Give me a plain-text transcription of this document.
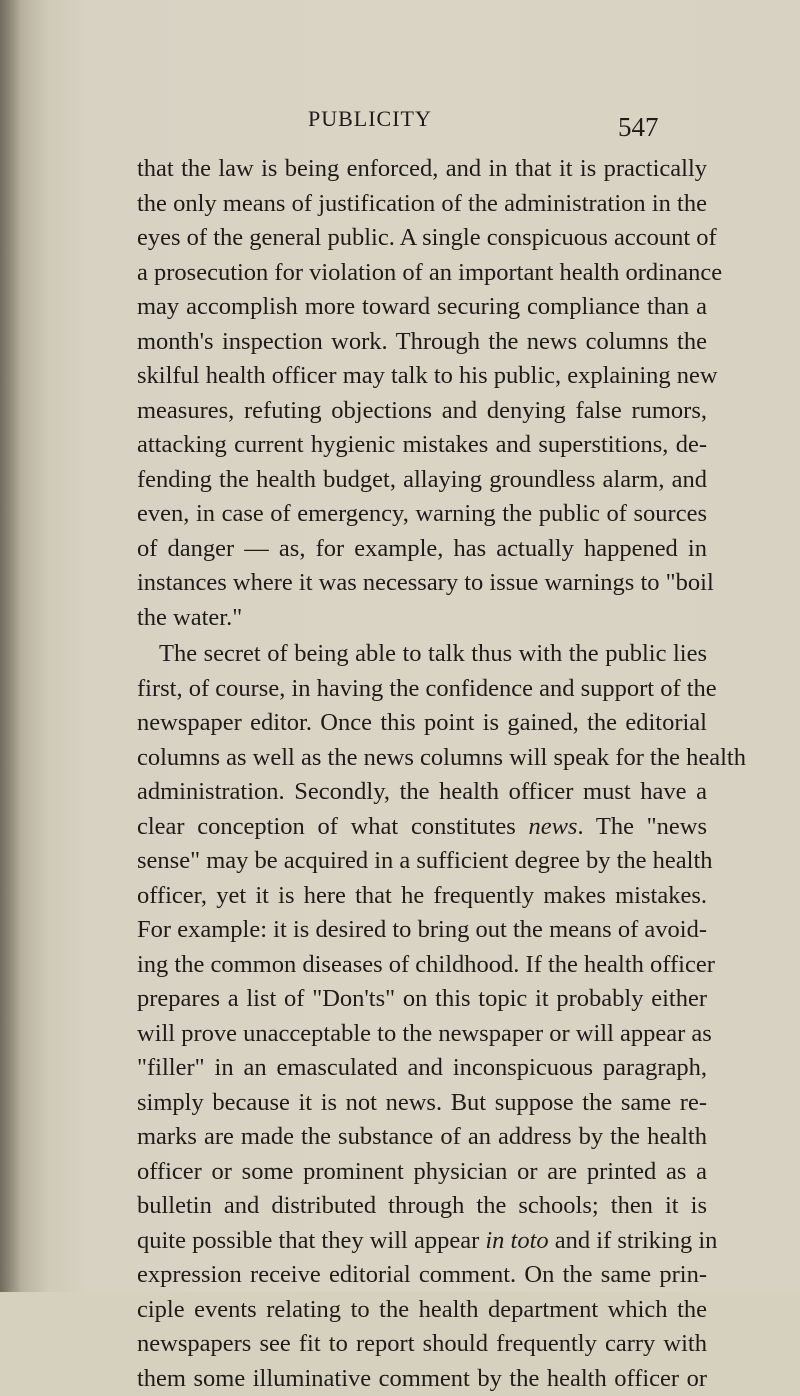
PUBLICITY	547
that the law is being enforced, and in that it is practically
the only means of justification of the administration in the
eyes of the general public. A single conspicuous account of
a prosecution for violation of an important health ordinance
may accomplish more toward securing compliance than a
month's inspection work. Through the news columns the
skilful health officer may talk to his public, explaining new
measures, refuting objections and denying false rumors,
attacking current hygienic mistakes and superstitions, de-
fending the health budget, allaying groundless alarm, and
even, in case of emergency, warning the public of sources
of danger — as, for example, has actually happened in
instances where it was necessary to issue warnings to "boil
the water."
The secret of being able to talk thus with the public lies
first, of course, in having the confidence and support of the
newspaper editor. Once this point is gained, the editorial
columns as well as the news columns will speak for the health
administration. Secondly, the health officer must have a
clear conception of what constitutes news. The "news
sense" may be acquired in a sufficient degree by the health
officer, yet it is here that he frequently makes mistakes.
For example: it is desired to bring out the means of avoid-
ing the common diseases of childhood. If the health officer
prepares a list of "Don'ts" on this topic it probably either
will prove unacceptable to the newspaper or will appear as
"filler" in an emasculated and inconspicuous paragraph,
simply because it is not news. But suppose the same re-
marks are made the substance of an address by the health
officer or some prominent physician or are printed as a
bulletin and distributed through the schools; then it is
quite possible that they will appear in toto and if striking in
expression receive editorial comment. On the same prin-
ciple events relating to the health department which the
newspapers see fit to report should frequently carry with
them some illuminative comment by the health officer or
